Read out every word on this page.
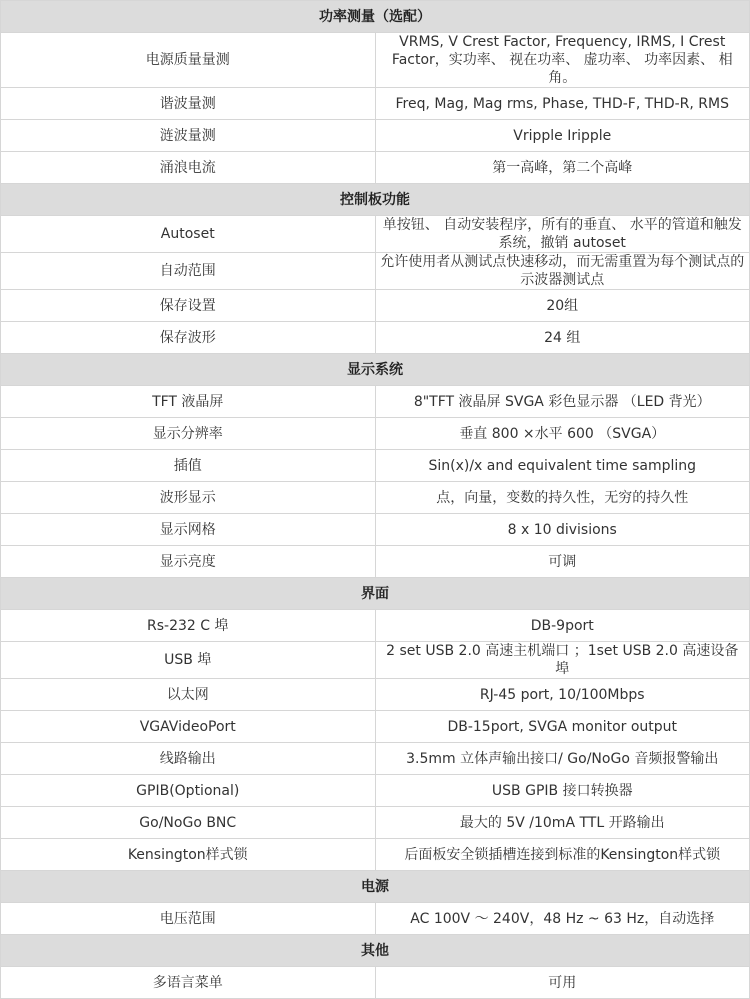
功率测量（选配）	
电源质量量测	VRMS, V Crest Factor, Frequency, IRMS, I Crest Factor，实功率、 视在功率、 虚功率、 功率因素、 相角。
谐波量测	Freq, Mag, Mag rms, Phase, THD-F, THD-R, RMS
涟波量测	Vripple Iripple
涌浪电流	第一高峰，第二个高峰
控制板功能	
Autoset	单按钮、 自动安装程序，所有的垂直、 水平的管道和触发系统，撤销 autoset
自动范围	允许使用者从测试点快速移动，而无需重置为每个测试点的示波器测试点
保存设置	20组
保存波形	24 组
显示系统	
TFT 液晶屏	8"TFT 液晶屏 SVGA 彩色显示器 （LED 背光）
显示分辨率	垂直 800 ×水平 600 （SVGA）
插值	Sin(x)/x and equivalent time sampling
波形显示	点，向量，变数的持久性，无穷的持久性
显示网格	8 x 10 divisions
显示亮度	可调
界面	
Rs-232 C 埠	DB-9port
USB 埠	2 set USB 2.0 高速主机端口 ；1set USB 2.0 高速设备埠
以太网	RJ-45 port, 10/100Mbps
VGAVideoPort	DB-15port, SVGA monitor output
线路输出	3.5mm 立体声输出接口/ Go/NoGo 音频报警输出
GPIB(Optional)	USB GPIB 接口转换器
Go/NoGo BNC	最大的 5V /10mA TTL 开路输出
Kensington样式锁	后面板安全锁插槽连接到标准的Kensington样式锁
电源	
电压范围	AC 100V ～ 240V，48 Hz ~ 63 Hz，自动选择
其他	
多语言菜单	可用
